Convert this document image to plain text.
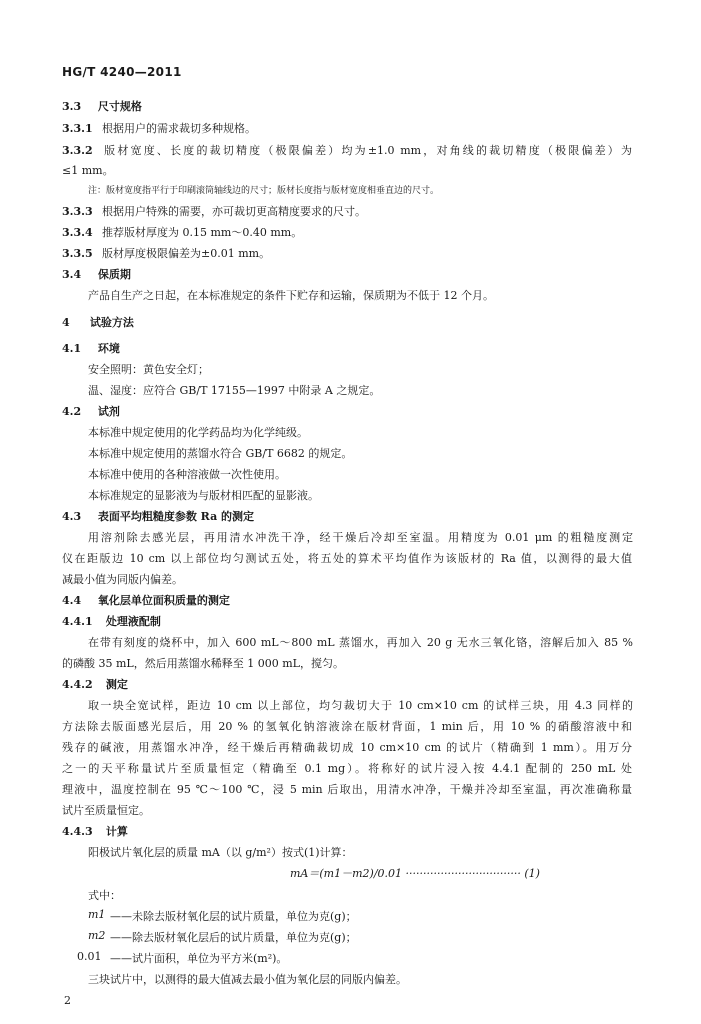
HG/T 4240—2011
3.3 尺寸规格
3.3.1 根据用户的需求裁切多种规格。
3.3.2 版材宽度、长度的裁切精度（极限偏差）均为±1.0 mm，对角线的裁切精度（极限偏差）为
≤1 mm。
注：版材宽度指平行于印刷滚筒轴线边的尺寸；版材长度指与版材宽度相垂直边的尺寸。
3.3.3 根据用户特殊的需要，亦可裁切更高精度要求的尺寸。
3.3.4 推荐版材厚度为 0.15 mm～0.40 mm。
3.3.5 版材厚度极限偏差为±0.01 mm。
3.4 保质期
产品自生产之日起，在本标准规定的条件下贮存和运输，保质期为不低于 12 个月。
4 试验方法
4.1 环境
安全照明：黄色安全灯；
温、湿度：应符合 GB/T 17155—1997 中附录 A 之规定。
4.2 试剂
本标准中规定使用的化学药品均为化学纯级。
本标准中规定使用的蒸馏水符合 GB/T 6682 的规定。
本标准中使用的各种溶液做一次性使用。
本标准规定的显影液为与版材相匹配的显影液。
4.3 表面平均粗糙度参数 Ra 的测定
用溶剂除去感光层，再用清水冲洗干净，经干燥后冷却至室温。用精度为 0.01 μm 的粗糙度测定
仪在距版边 10 cm 以上部位均匀测试五处，将五处的算术平均值作为该版材的 Ra 值，以测得的最大值
减最小值为同版内偏差。
4.4 氧化层单位面积质量的测定
4.4.1 处理液配制
在带有刻度的烧杯中，加入 600 mL～800 mL 蒸馏水，再加入 20 g 无水三氧化铬，溶解后加入 85 %
的磷酸 35 mL，然后用蒸馏水稀释至 1 000 mL，搅匀。
4.4.2 测定
取一块全宽试样，距边 10 cm 以上部位，均匀裁切大于 10 cm×10 cm 的试样三块，用 4.3 同样的
方法除去版面感光层后，用 20 % 的氢氧化钠溶液涂在版材背面，1 min 后，用 10 % 的硝酸溶液中和
残存的碱液，用蒸馏水冲净，经干燥后再精确裁切成 10 cm×10 cm 的试片（精确到 1 mm）。用万分
之一的天平称量试片至质量恒定（精确至 0.1 mg）。将称好的试片浸入按 4.4.1 配制的 250 mL 处
理液中，温度控制在 95 ℃～100 ℃，浸 5 min 后取出，用清水冲净，干燥并冷却至室温，再次准确称量
试片至质量恒定。
4.4.3 计算
阳极试片氧化层的质量 mA（以 g/m²）按式(1)计算：
mA＝(m1－m2)/0.01 ································· (1)
式中：
m1 ——未除去版材氧化层的试片质量，单位为克(g)；
m2 ——除去版材氧化层后的试片质量，单位为克(g)；
0.01 ——试片面积，单位为平方米(m²)。
三块试片中，以测得的最大值减去最小值为氧化层的同版内偏差。
2
